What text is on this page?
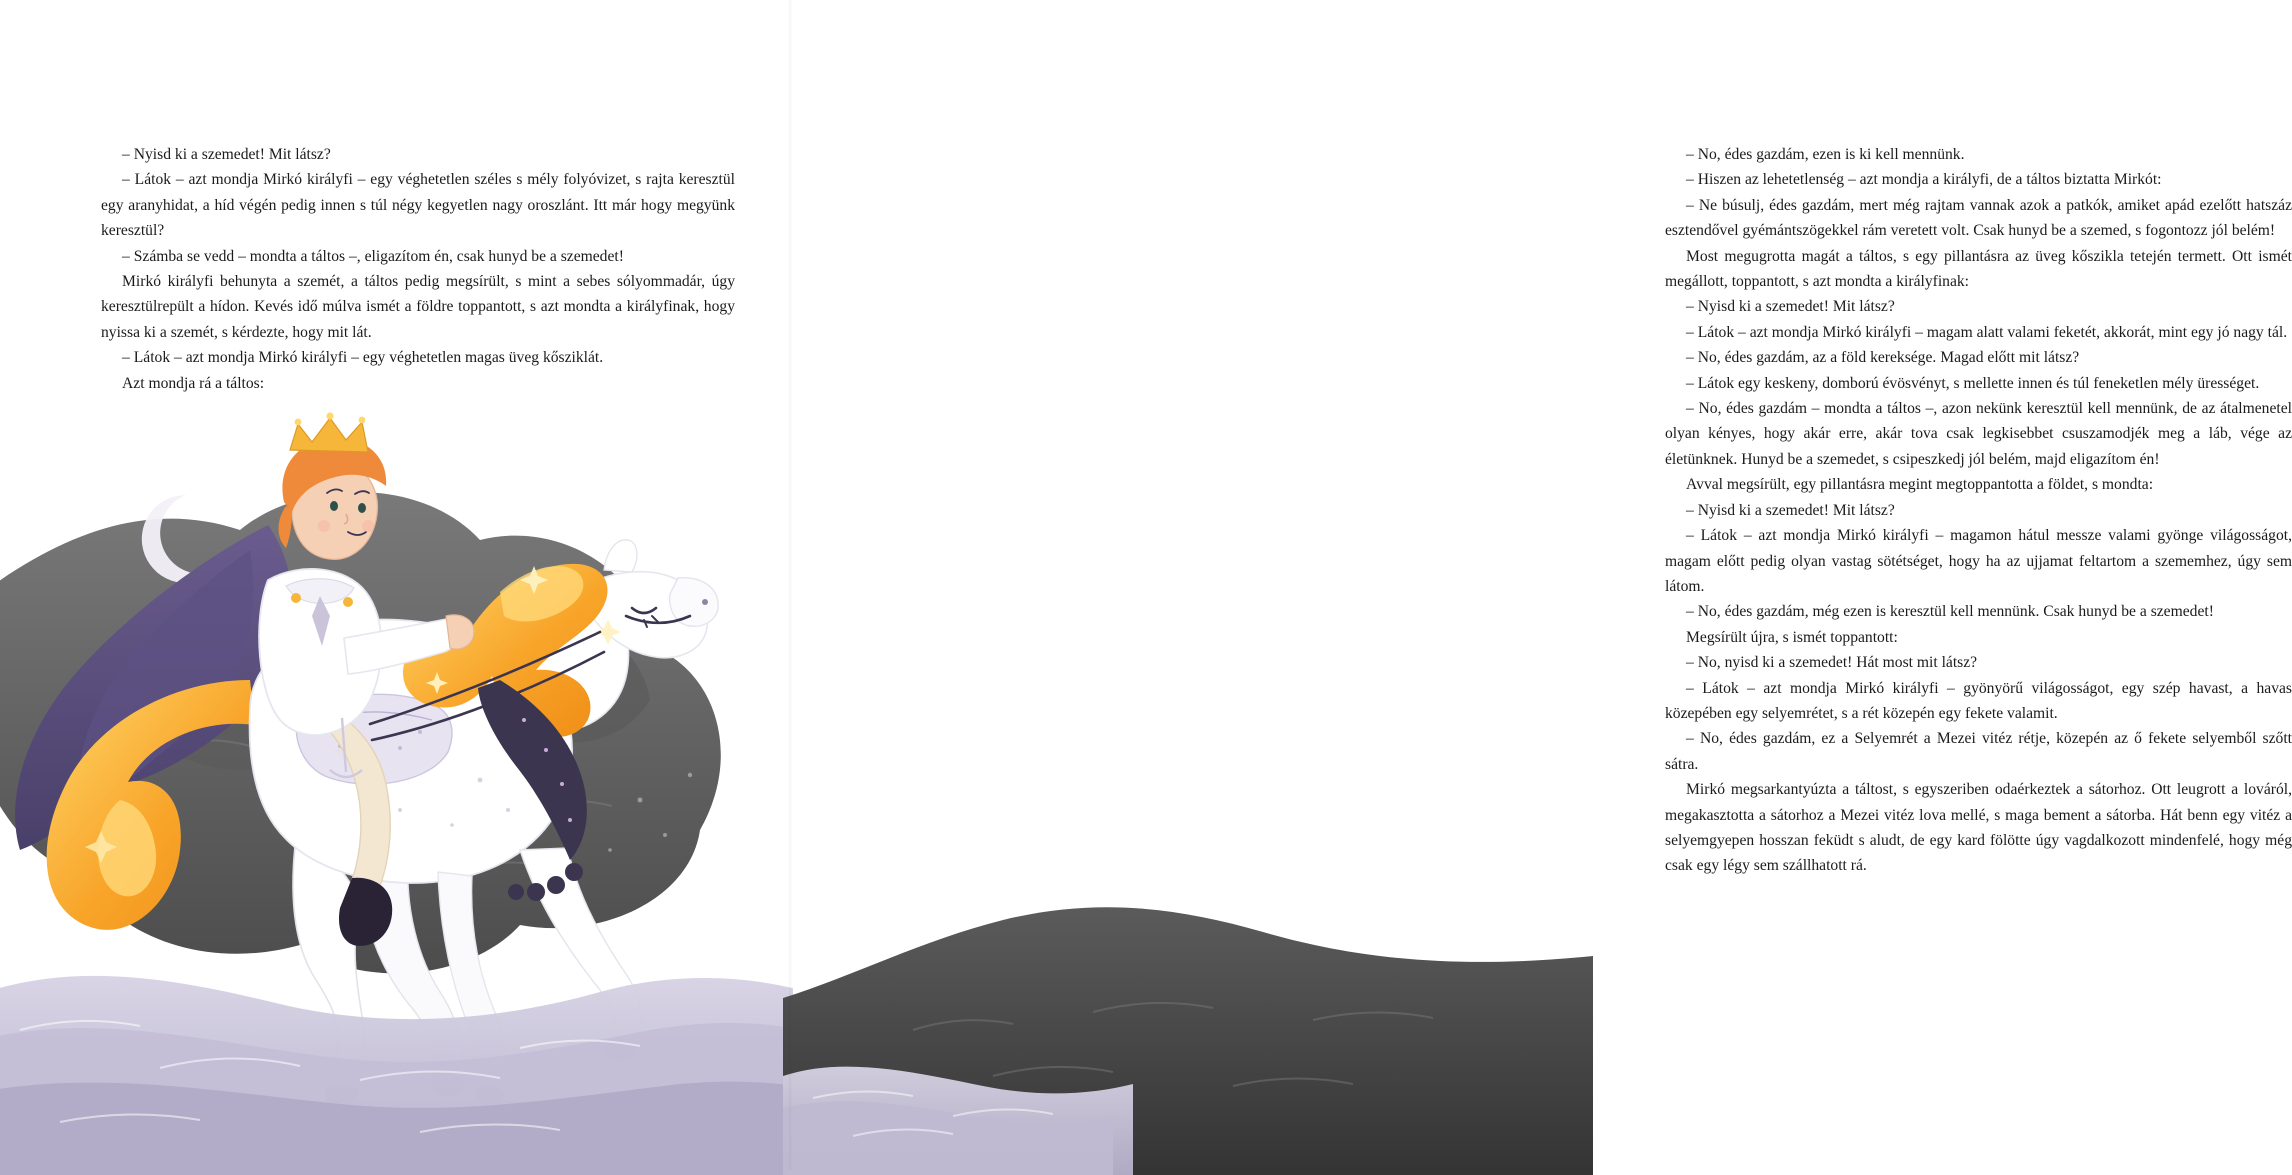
– Nyisd ki a szemedet! Mit látsz?

– Látok – azt mondja Mirkó királyfi – egy véghetetlen széles s mély folyóvizet, s rajta keresztül egy aranyhidat, a híd végén pedig innen s túl négy kegyetlen nagy oroszlánt. Itt már hogy megyünk keresztül?

– Számba se vedd – mondta a táltos –, eligazítom én, csak hunyd be a szemedet!

Mirkó királyfi behunyta a szemét, a táltos pedig megsírült, s mint a sebes sólyommadár, úgy keresztülrepült a hídon. Kevés idő múlva ismét a földre toppantott, s azt mondta a királyfinak, hogy nyissa ki a szemét, s kérdezte, hogy mit lát.

– Látok – azt mondja Mirkó királyfi – egy véghetetlen magas üveg kősziklát.

Azt mondja rá a táltos:

– No, édes gazdám, ezen is ki kell mennünk.

– Hiszen az lehetetlenség – azt mondja a királyfi, de a táltos biztatta Mirkót:

– Ne búsulj, édes gazdám, mert még rajtam vannak azok a patkók, amiket apád ezelőtt hatszáz esztendővel gyémántszögekkel rám veretett volt. Csak hunyd be a szemed, s fogontozz jól belém!

Most megugrotta magát a táltos, s egy pillantásra az üveg kőszikla tetején termett. Ott ismét megállott, toppantott, s azt mondta a királyfinak:

– Nyisd ki a szemedet! Mit látsz?

– Látok – azt mondja Mirkó királyfi – magam alatt valami feketét, akkorát, mint egy jó nagy tál.

– No, édes gazdám, az a föld kereksége. Magad előtt mit látsz?

– Látok egy keskeny, domború évösvényt, s mellette innen és túl feneketlen mély ürességet.

– No, édes gazdám – mondta a táltos –, azon nekünk keresztül kell mennünk, de az átalmenetel olyan kényes, hogy akár erre, akár tova csak legkisebbet csuszamodjék meg a láb, vége az életünknek. Hunyd be a szemedet, s csipeszkedj jól belém, majd eligazítom én!

Avval megsírült, egy pillantásra megint megtoppantotta a földet, s mondta:

– Nyisd ki a szemedet! Mit látsz?

– Látok – azt mondja Mirkó királyfi – magamon hátul messze valami gyönge világosságot, magam előtt pedig olyan vastag sötétséget, hogy ha az ujjamat feltartom a szememhez, úgy sem látom.

– No, édes gazdám, még ezen is keresztül kell mennünk. Csak hunyd be a szemedet!

Megsírült újra, s ismét toppantott:

– No, nyisd ki a szemedet! Hát most mit látsz?

– Látok – azt mondja Mirkó királyfi – gyönyörű világosságot, egy szép havast, a havas közepében egy selyemrétet, s a rét közepén egy fekete valamit.

– No, édes gazdám, ez a Selyemrét a Mezei vitéz rétje, közepén az ő fekete selyemből szőtt sátra.

Mirkó megsarkantyúzta a táltost, s egyszeriben odaérkeztek a sátorhoz. Ott leugrott a lováról, megakasztotta a sátorhoz a Mezei vitéz lova mellé, s maga bement a sátorba. Hát benn egy vitéz a selyemgyepen hosszan feküdt s aludt, de egy kard fölötte úgy vagdalkozott mindenfelé, hogy még csak egy légy sem szállhatott rá.
